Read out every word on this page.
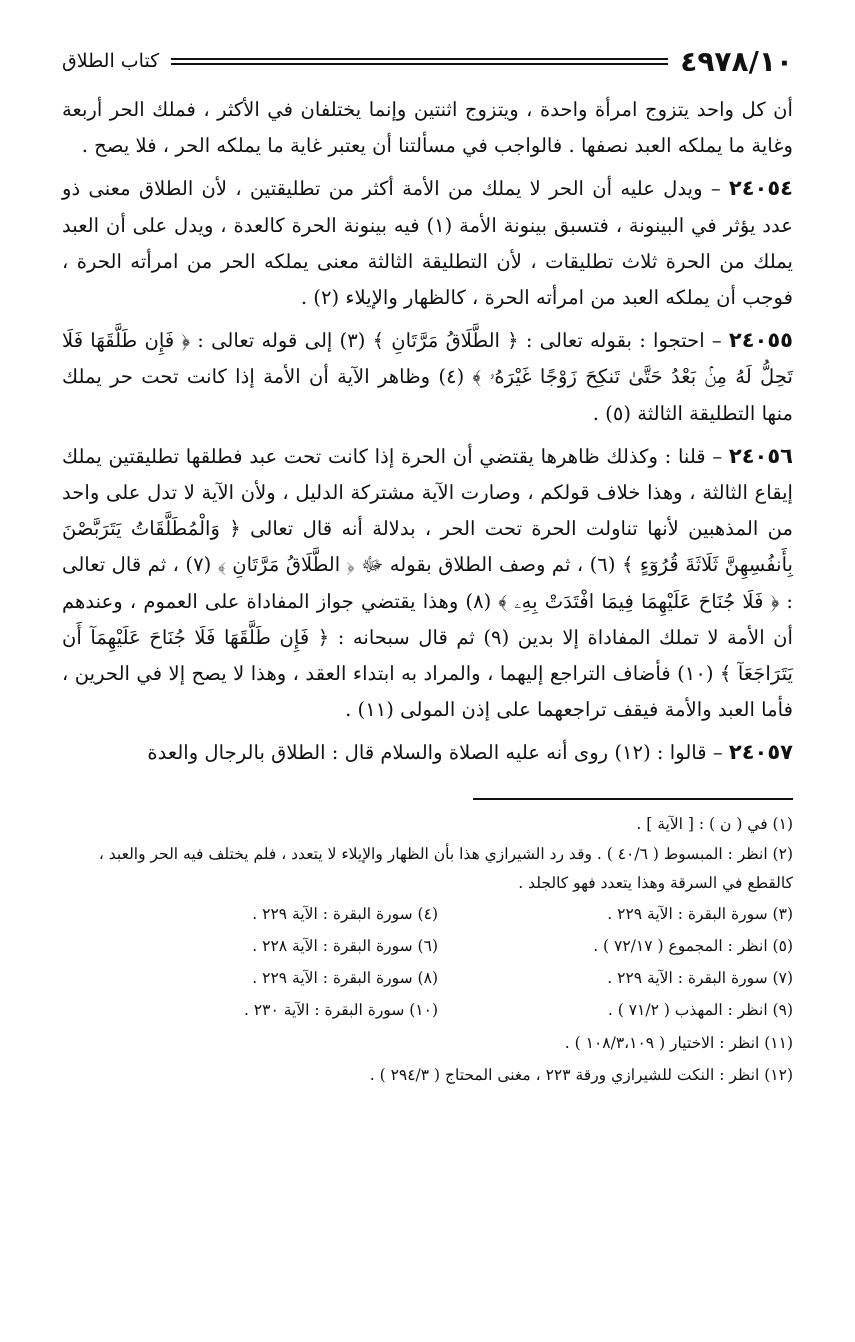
٤٩٧٨/١٠
كتاب الطلاق

أن كل واحد يتزوج امرأة واحدة ، ويتزوج اثنتين وإنما يختلفان في الأكثر ، فملك الحر أربعة وغاية ما يملكه العبد نصفها . فالواجب في مسألتنا أن يعتبر غاية ما يملكه الحر ، فلا يصح .

٢٤٠٥٤ – ويدل عليه أن الحر لا يملك من الأمة أكثر من تطليقتين ، لأن الطلاق معنى ذو عدد يؤثر في البينونة ، فتسبق بينونة الأمة (١) فيه بينونة الحرة كالعدة ، ويدل على أن العبد يملك من الحرة ثلاث تطليقات ، لأن التطليقة الثالثة معنى يملكه الحر من امرأته الحرة ، فوجب أن يملكه العبد من امرأته الحرة ، كالظهار والإيلاء (٢) .

٢٤٠٥٥ – احتجوا : بقوله تعالى : ﴿ الطَّلَاقُ مَرَّتَانِ ﴾ (٣) إلى قوله تعالى : ﴿ فَإِن طَلَّقَهَا فَلَا تَحِلُّ لَهُ مِنۢ بَعْدُ حَتَّىٰ تَنكِحَ زَوْجًا غَيْرَهُۥ ﴾ (٤) وظاهر الآية أن الأمة إذا كانت تحت حر يملك منها التطليقة الثالثة (٥) .

٢٤٠٥٦ – قلنا : وكذلك ظاهرها يقتضي أن الحرة إذا كانت تحت عبد فطلقها تطليقتين يملك إيقاع الثالثة ، وهذا خلاف قولكم ، وصارت الآية مشتركة الدليل ، ولأن الآية لا تدل على واحد من المذهبين لأنها تناولت الحرة تحت الحر ، بدلالة أنه قال تعالى ﴿ وَالْمُطَلَّقَاتُ يَتَرَبَّصْنَ بِأَنفُسِهِنَّ ثَلَاثَةَ قُرُوٓءٍ ﴾ (٦) ، ثم وصف الطلاق بقوله ﷻ ﴿ الطَّلَاقُ مَرَّتَانِ ﴾ (٧) ، ثم قال تعالى : ﴿ فَلَا جُنَاحَ عَلَيْهِمَا فِيمَا افْتَدَتْ بِهِۦ ﴾ (٨) وهذا يقتضي جواز المفاداة على العموم ، وعندهم أن الأمة لا تملك المفاداة إلا بدين (٩) ثم قال سبحانه : ﴿ فَإِن طَلَّقَهَا فَلَا جُنَاحَ عَلَيْهِمَآ أَن يَتَرَاجَعَآ ﴾ (١٠) فأضاف التراجع إليهما ، والمراد به ابتداء العقد ، وهذا لا يصح إلا في الحرين ، فأما العبد والأمة فيقف تراجعهما على إذن المولى (١١) .

٢٤٠٥٧ – قالوا : (١٢) روى أنه عليه الصلاة والسلام قال : الطلاق بالرجال والعدة

(١) في ( ن ) : [ الآية ] .
(٢) انظر : المبسوط ( ٤٠/٦ ) . وقد رد الشيرازي هذا بأن الظهار والإيلاء لا يتعدد ، فلم يختلف فيه الحر والعبد ، كالقطع في السرقة وهذا يتعدد فهو كالجلد .
(٣) سورة البقرة : الآية ٢٢٩ .
(٤) سورة البقرة : الآية ٢٢٩ .
(٥) انظر : المجموع ( ٧٢/١٧ ) .
(٦) سورة البقرة : الآية ٢٢٨ .
(٧) سورة البقرة : الآية ٢٢٩ .
(٨) سورة البقرة : الآية ٢٢٩ .
(٩) انظر : المهذب ( ٧١/٢ ) .
(١٠) سورة البقرة : الآية ٢٣٠ .
(١١) انظر : الاختيار ( ١٠٨/٣،١٠٩ ) .
(١٢) انظر : النكت للشيرازي ورقة ٢٢٣ ، مغنى المحتاج ( ٢٩٤/٣ ) .
